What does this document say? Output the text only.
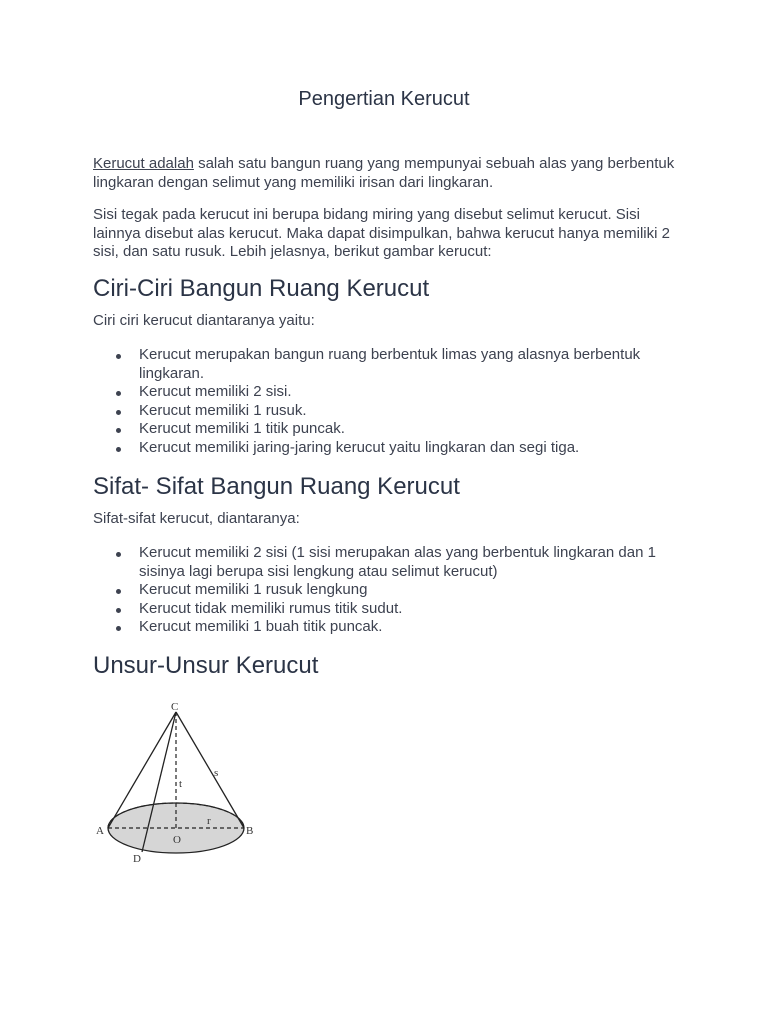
Pengertian Kerucut

Kerucut adalah salah satu bangun ruang yang mempunyai sebuah alas yang berbentuk lingkaran dengan selimut yang memiliki irisan dari lingkaran.

Sisi tegak pada kerucut ini berupa bidang miring yang disebut selimut kerucut. Sisi lainnya disebut alas kerucut. Maka dapat disimpulkan, bahwa kerucut hanya memiliki 2 sisi, dan satu rusuk. Lebih jelasnya, berikut gambar kerucut:

Ciri-Ciri Bangun Ruang Kerucut

Ciri ciri kerucut diantaranya yaitu:

Kerucut merupakan bangun ruang berbentuk limas yang alasnya berbentuk lingkaran.
Kerucut memiliki 2 sisi.
Kerucut memiliki 1 rusuk.
Kerucut memiliki 1 titik puncak.
Kerucut memiliki jaring-jaring kerucut yaitu lingkaran dan segi tiga.
Sifat- Sifat Bangun Ruang Kerucut

Sifat-sifat kerucut, diantaranya:

Kerucut memiliki 2 sisi (1 sisi merupakan alas yang berbentuk lingkaran dan 1 sisinya lagi berupa sisi lengkung atau selimut kerucut)
Kerucut memiliki 1 rusuk lengkung
Kerucut tidak memiliki rumus titik sudut.
Kerucut memiliki 1 buah titik puncak.
Unsur-Unsur Kerucut
C
s
t
r
A
O
B
D
